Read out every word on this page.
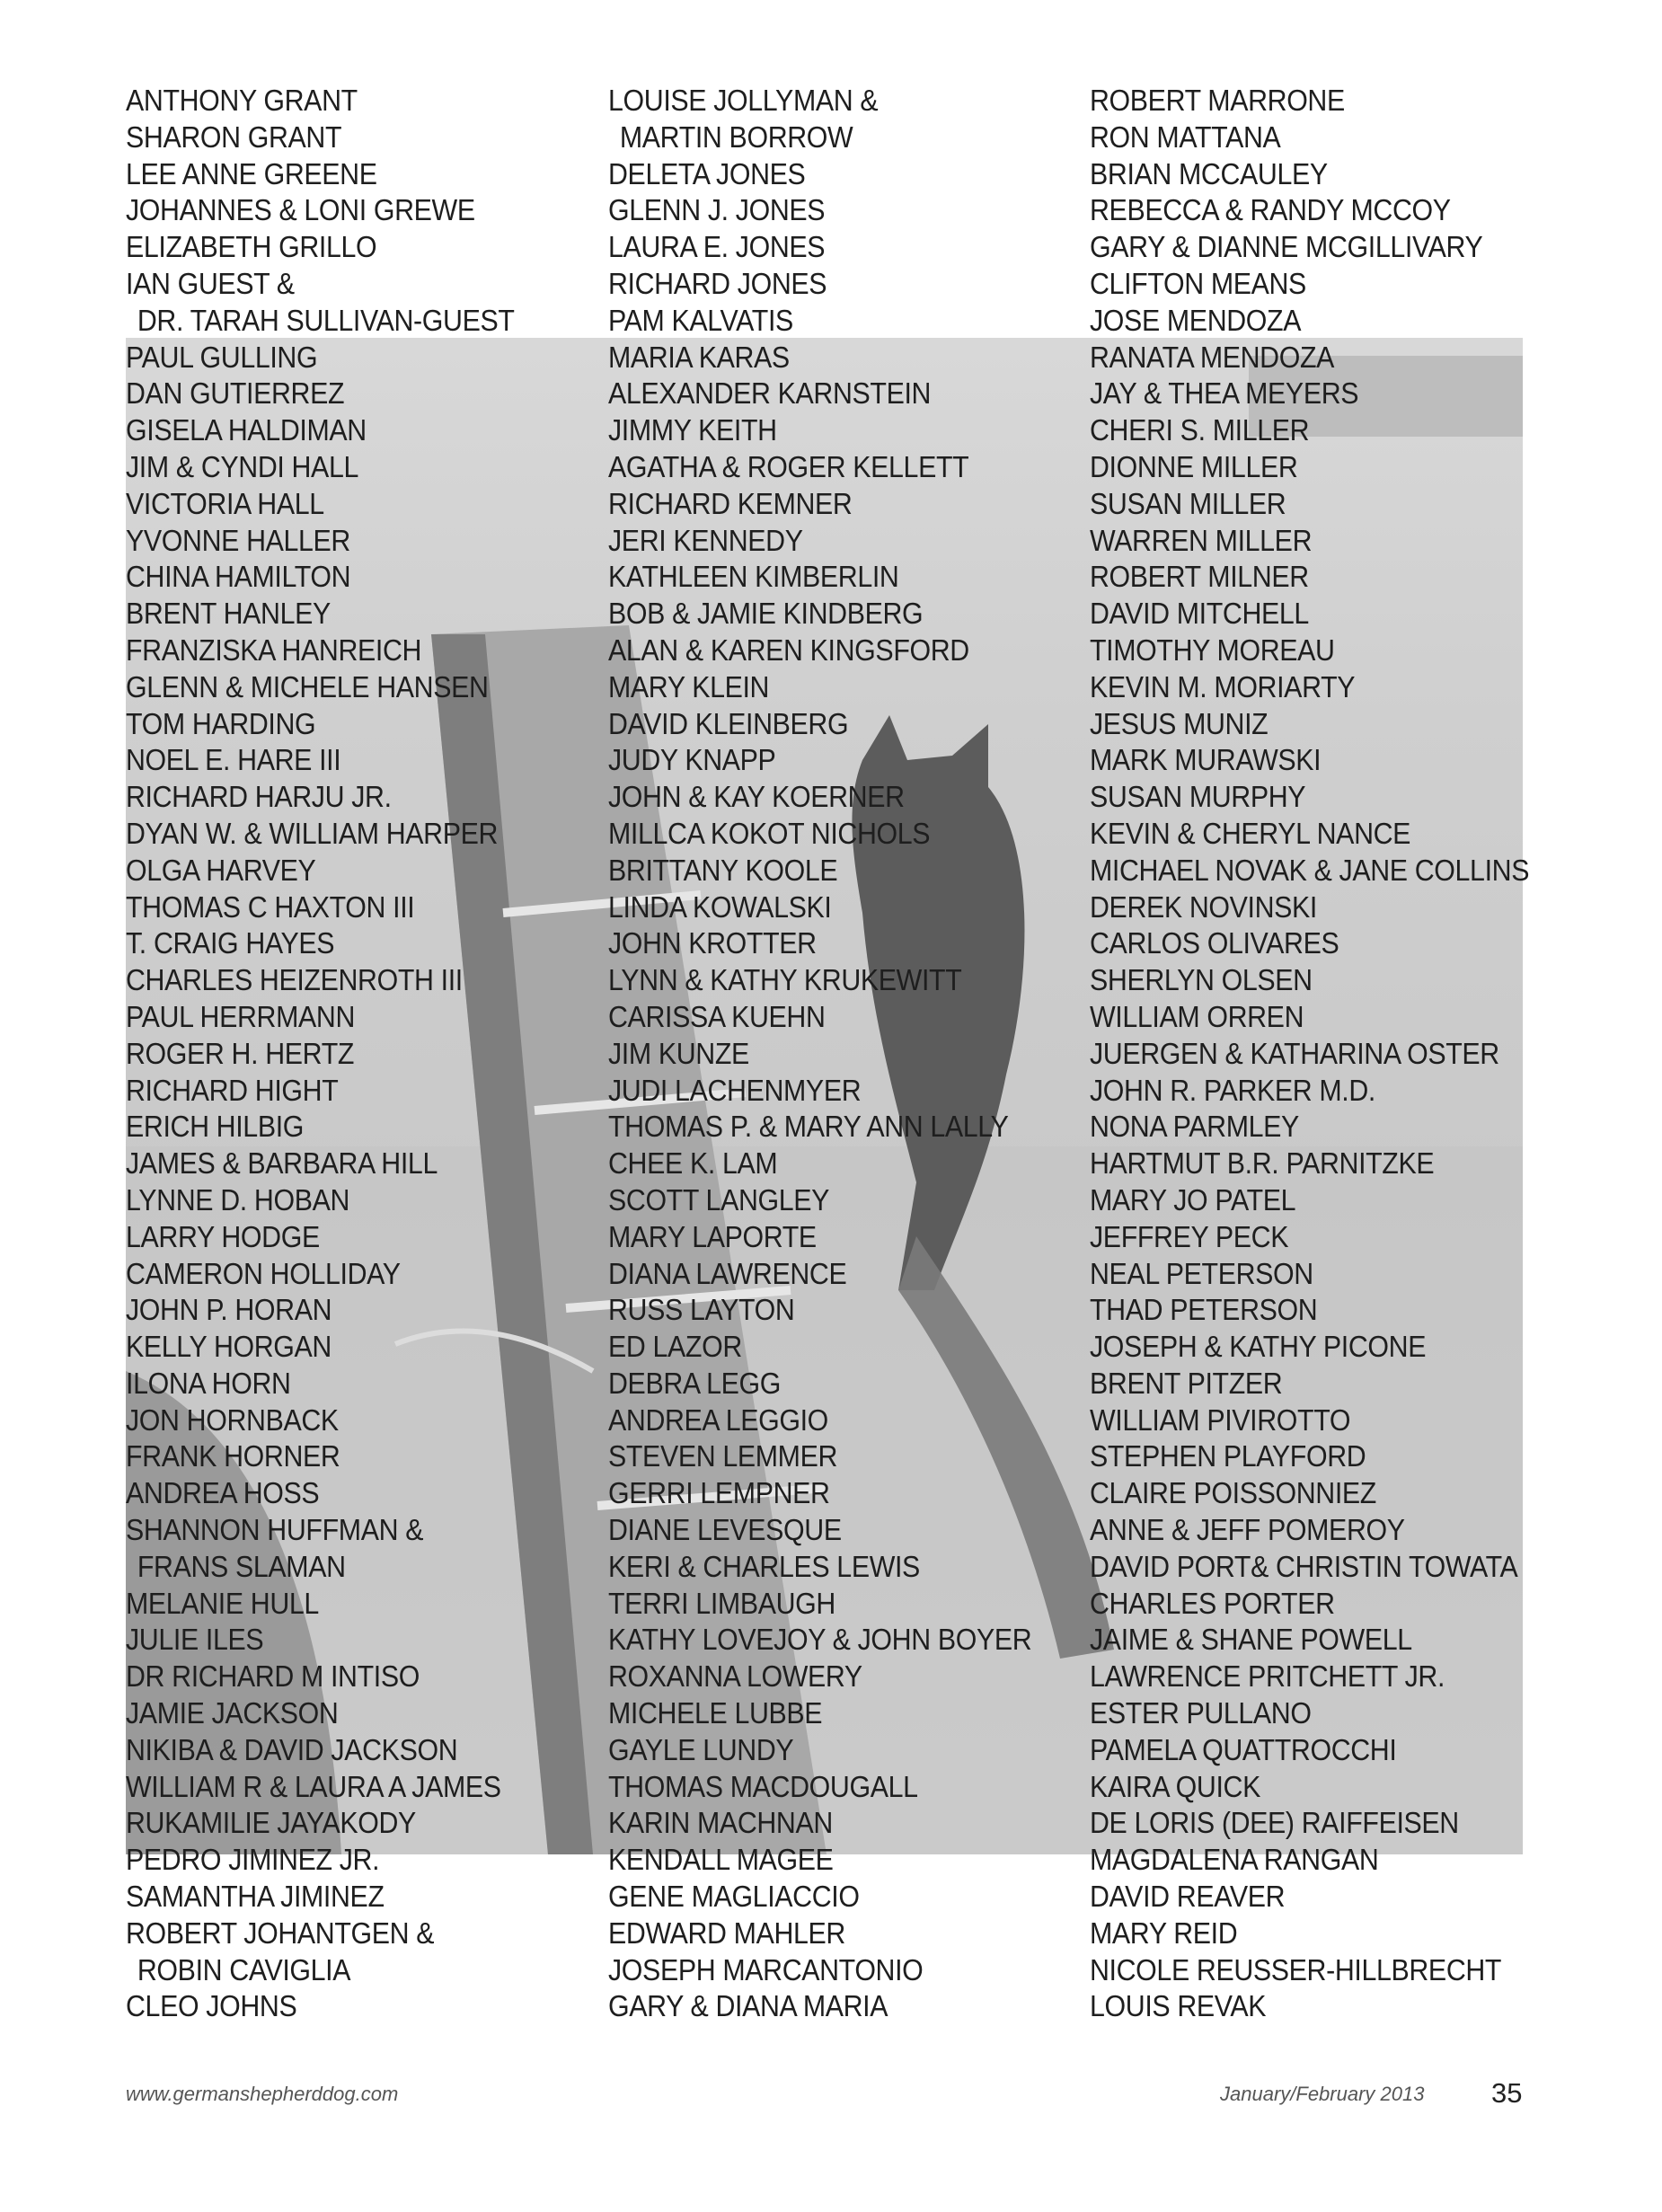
ANTHONY GRANT
SHARON GRANT
LEE ANNE GREENE
JOHANNES & LONI GREWE
ELIZABETH GRILLO
IAN GUEST &
DR. TARAH SULLIVAN-GUEST
PAUL GULLING
DAN GUTIERREZ
GISELA HALDIMAN
JIM & CYNDI HALL
VICTORIA HALL
YVONNE HALLER
CHINA HAMILTON
BRENT HANLEY
FRANZISKA HANREICH
GLENN & MICHELE HANSEN
TOM HARDING
NOEL E. HARE III
RICHARD HARJU JR.
DYAN W. & WILLIAM HARPER
OLGA HARVEY
THOMAS C HAXTON III
T. CRAIG HAYES
CHARLES HEIZENROTH III
PAUL HERRMANN
ROGER H. HERTZ
RICHARD HIGHT
ERICH HILBIG
JAMES & BARBARA HILL
LYNNE D. HOBAN
LARRY HODGE
CAMERON HOLLIDAY
JOHN P. HORAN
KELLY HORGAN
ILONA HORN
JON HORNBACK
FRANK HORNER
ANDREA HOSS
SHANNON HUFFMAN &
FRANS SLAMAN
MELANIE HULL
JULIE ILES
DR RICHARD M INTISO
JAMIE JACKSON
NIKIBA & DAVID JACKSON
WILLIAM R & LAURA A JAMES
RUKAMILIE JAYAKODY
PEDRO JIMINEZ JR.
SAMANTHA JIMINEZ
ROBERT JOHANTGEN &
ROBIN CAVIGLIA
CLEO JOHNS
LOUISE JOLLYMAN &
MARTIN BORROW
DELETA JONES
GLENN J. JONES
LAURA E. JONES
RICHARD JONES
PAM KALVATIS
MARIA KARAS
ALEXANDER KARNSTEIN
JIMMY KEITH
AGATHA & ROGER KELLETT
RICHARD KEMNER
JERI KENNEDY
KATHLEEN KIMBERLIN
BOB & JAMIE KINDBERG
ALAN & KAREN KINGSFORD
MARY KLEIN
DAVID KLEINBERG
JUDY KNAPP
JOHN & KAY KOERNER
MILLCA KOKOT NICHOLS
BRITTANY KOOLE
LINDA KOWALSKI
JOHN KROTTER
LYNN & KATHY KRUKEWITT
CARISSA KUEHN
JIM KUNZE
JUDI LACHENMYER
THOMAS P. & MARY ANN LALLY
CHEE K. LAM
SCOTT LANGLEY
MARY LAPORTE
DIANA LAWRENCE
RUSS LAYTON
ED LAZOR
DEBRA LEGG
ANDREA LEGGIO
STEVEN LEMMER
GERRI LEMPNER
DIANE LEVESQUE
KERI & CHARLES LEWIS
TERRI LIMBAUGH
KATHY LOVEJOY & JOHN BOYER
ROXANNA LOWERY
MICHELE LUBBE
GAYLE LUNDY
THOMAS MACDOUGALL
KARIN MACHNAN
KENDALL MAGEE
GENE MAGLIACCIO
EDWARD MAHLER
JOSEPH MARCANTONIO
GARY & DIANA MARIA
ROBERT MARRONE
RON MATTANA
BRIAN MCCAULEY
REBECCA & RANDY MCCOY
GARY & DIANNE MCGILLIVARY
CLIFTON MEANS
JOSE MENDOZA
RANATA MENDOZA
JAY & THEA MEYERS
CHERI S. MILLER
DIONNE MILLER
SUSAN MILLER
WARREN MILLER
ROBERT MILNER
DAVID MITCHELL
TIMOTHY MOREAU
KEVIN M. MORIARTY
JESUS MUNIZ
MARK MURAWSKI
SUSAN MURPHY
KEVIN & CHERYL NANCE
MICHAEL NOVAK & JANE COLLINS
DEREK NOVINSKI
CARLOS OLIVARES
SHERLYN OLSEN
WILLIAM ORREN
JUERGEN & KATHARINA OSTER
JOHN R. PARKER M.D.
NONA PARMLEY
HARTMUT B.R. PARNITZKE
MARY JO PATEL
JEFFREY PECK
NEAL PETERSON
THAD PETERSON
JOSEPH & KATHY PICONE
BRENT PITZER
WILLIAM PIVIROTTO
STEPHEN PLAYFORD
CLAIRE POISSONNIEZ
ANNE & JEFF POMEROY
DAVID PORT& CHRISTIN TOWATA
CHARLES PORTER
JAIME & SHANE POWELL
LAWRENCE PRITCHETT JR.
ESTER PULLANO
PAMELA QUATTROCCHI
KAIRA QUICK
DE LORIS (DEE) RAIFFEISEN
MAGDALENA RANGAN
DAVID REAVER
MARY REID
NICOLE REUSSER-HILLBRECHT
LOUIS REVAK
www.germanshepherddog.com	January/February 2013 35
